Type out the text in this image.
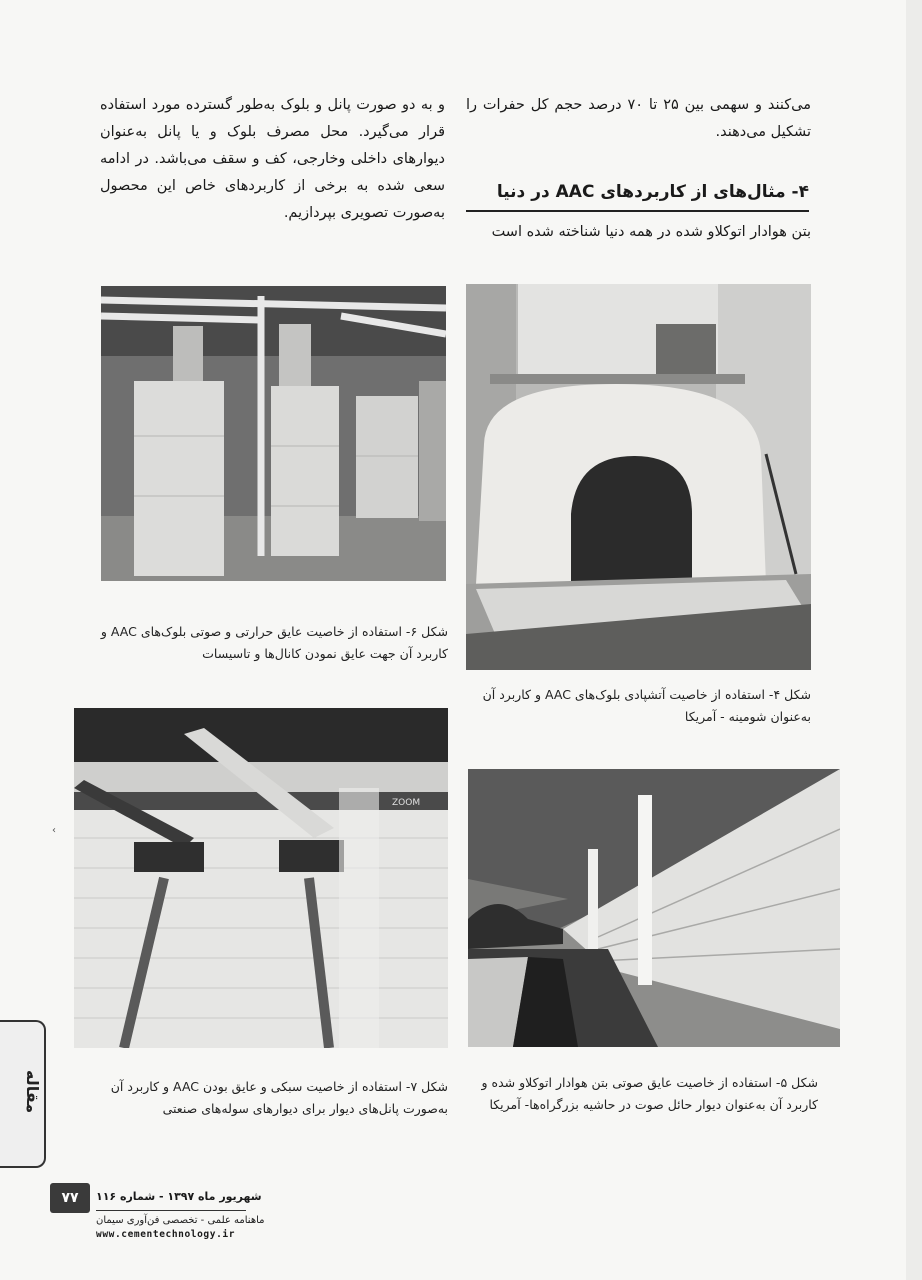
می‌کنند و سهمی بین ۲۵ تا ۷۰ درصد حجم کل حفرات را تشکیل می‌دهند.
۴- مثال‌های از کاربردهای AAC در دنیا
بتن هوادار اتوکلاو شده در همه دنیا شناخته شده است
و به دو صورت پانل و بلوک به‌طور گسترده مورد استفاده قرار می‌گیرد. محل مصرف بلوک و یا پانل به‌عنوان دیوارهای داخلی وخارجی، کف و سقف می‌باشد. در ادامه سعی شده به برخی از کاربردهای خاص این محصول به‌صورت تصویری بپردازیم.
شکل ۶- استفاده از خاصیت عایق حرارتی و صوتی بلوک‌های AAC و کاربرد آن جهت عایق نمودن کانال‌ها و تاسیسات
شکل ۴- استفاده از خاصیت آتشپادی بلوک‌های AAC و کاربرد آن به‌عنوان شومینه - آمریکا
ZOOM
شکل ۷- استفاده از خاصیت سبکی و عایق بودن AAC و کاربرد آن به‌صورت پانل‌های دیوار برای دیوارهای سوله‌های صنعتی
شکل ۵- استفاده از خاصیت عایق صوتی بتن هوادار اتوکلاو شده و کاربرد آن به‌عنوان دیوار حائل صوت در حاشیه بزرگراه‌ها- آمریکا
‹
مقاله
۷۷	شهریور ماه ۱۳۹۷ - شماره ۱۱۶
ماهنامه علمی - تخصصی فن‌آوری سیمان
www.cementechnology.ir
